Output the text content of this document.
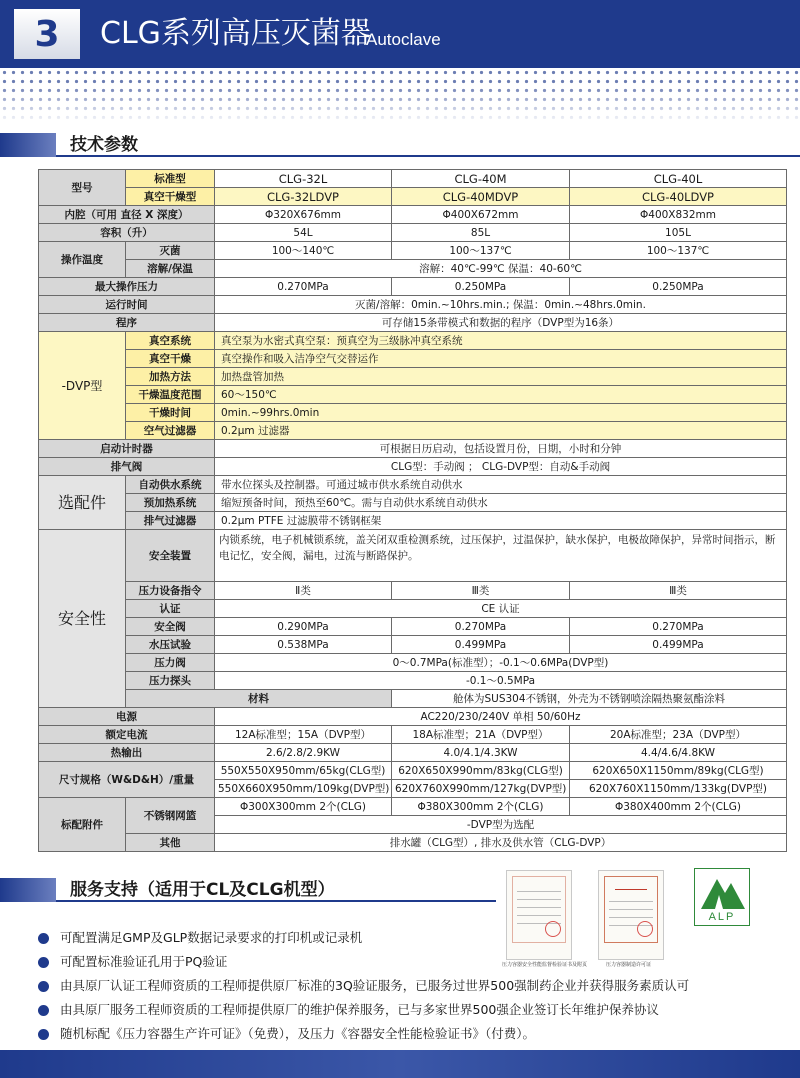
3	CLG系列高压灭菌器
Autoclave
技术参数
型号	标准型	CLG-32L	CLG-40M	CLG-40L
	真空干燥型	CLG-32LDVP	CLG-40MDVP	CLG-40LDVP
内腔（可用 直径 X 深度）		Φ320X676mm	Φ400X672mm	Φ400X832mm
容积（升）		54L	85L	105L
操作温度	灭菌	100～140℃	100～137℃	100～137℃
	溶解/保温	溶解：40℃-99℃ 保温：40-60℃		
最大操作压力		0.270MPa	0.250MPa	0.250MPa
运行时间		灭菌/溶解：0min.~10hrs.min.; 保温：0min.~48hrs.0min.		
程序		可存储15条带模式和数据的程序（DVP型为16条）		
-DVP型	真空系统	真空泵为水密式真空泵：预真空为三级脉冲真空系统		
	真空干燥	真空操作和吸入洁净空气交替运作		
	加热方法	加热盘管加热		
	干燥温度范围	60～150℃		
	干燥时间	0min.~99hrs.0min		
	空气过滤器	0.2μm 过滤器		
启动计时器		可根据日历启动，包括设置月份，日期，小时和分钟		
排气阀		CLG型：手动阀 ； CLG-DVP型：自动&手动阀		
选配件	自动供水系统	带水位探头及控制器。可通过城市供水系统自动供水		
	预加热系统	缩短预备时间，预热至60℃。需与自动供水系统自动供水		
	排气过滤器	0.2μm PTFE 过滤膜带不锈钢框架		
安全性	安全装置	内锁系统，电子机械锁系统，盖关闭双重检测系统，过压保护，过温保护，缺水保护，电极故障保护，异常时间指示，断电记忆，安全阀，漏电，过流与断路保护。		
	压力设备指令	Ⅱ类	Ⅲ类	Ⅲ类
	认证	CE 认证		
	安全阀	0.290MPa	0.270MPa	0.270MPa
	水压试验	0.538MPa	0.499MPa	0.499MPa
	压力阀	0～0.7MPa(标准型）；-0.1～0.6MPa(DVP型)		
	压力探头	-0.1～0.5MPa		
	材料		舱体为SUS304不锈钢，外壳为不锈钢喷涂隔热聚氨酯涂料	
电源		AC220/230/240V 单相 50/60Hz		
额定电流		12A标准型；15A（DVP型）	18A标准型；21A（DVP型）	20A标准型；23A（DVP型）
热输出		2.6/2.8/2.9KW	4.0/4.1/4.3KW	4.4/4.6/4.8KW
尺寸规格（W&D&H）/重量		550X550X950mm/65kg(CLG型)	620X650X990mm/83kg(CLG型)	620X650X1150mm/89kg(CLG型)
		550X660X950mm/109kg(DVP型)	620X760X990mm/127kg(DVP型)	620X760X1150mm/133kg(DVP型)
标配附件	不锈钢网篮	Φ300X300mm 2个(CLG)	Φ380X300mm 2个(CLG)	Φ380X400mm 2个(CLG)
		-DVP型为选配		
	其他	排水罐（CLG型）, 排水及供水管（CLG-DVP）		
服务支持（适用于CL及CLG机型）
压力容器安全性能监督检验证书及附页	压力容器制造许可证
ALP
可配置满足GMP及GLP数据记录要求的打印机或记录机
可配置标准验证孔用于PQ验证
由具原厂认证工程师资质的工程师提供原厂标准的3Q验证服务，已服务过世界500强制药企业并获得服务素质认可
由具原厂服务工程师资质的工程师提供原厂的维护保养服务，已与多家世界500强企业签订长年维护保养协议
随机标配《压力容器生产许可证》（免费），及压力《容器安全性能检验证书》（付费）。
